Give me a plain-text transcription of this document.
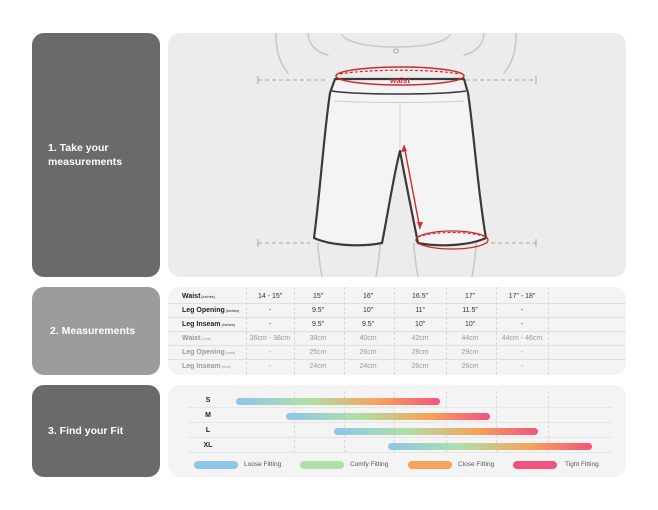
1. Take your measurements
2. Measurements
3. Find your Fit
waist
Waist(inches)	14 - 15”	15”	16”	16.5”	17”	17” - 18”
Leg Opening(inches)	-	9.5”	10”	11”	11.5”	-
Leg Inseam(inches)	-	9.5”	9.5”	10”	10”	-
Waist(cms)	36cm - 38cm	38cm	40cm	42cm	44cm	44cm - 46cm
Leg Opening(cms)	-	25cm	26cm	28cm	29cm	-
Leg Inseam(cms)	-	24cm	24cm	26cm	26cm	-
S
M
L
XL
Loose Fitting	Comfy Fitting	Close Fitting	Tight Fitting
